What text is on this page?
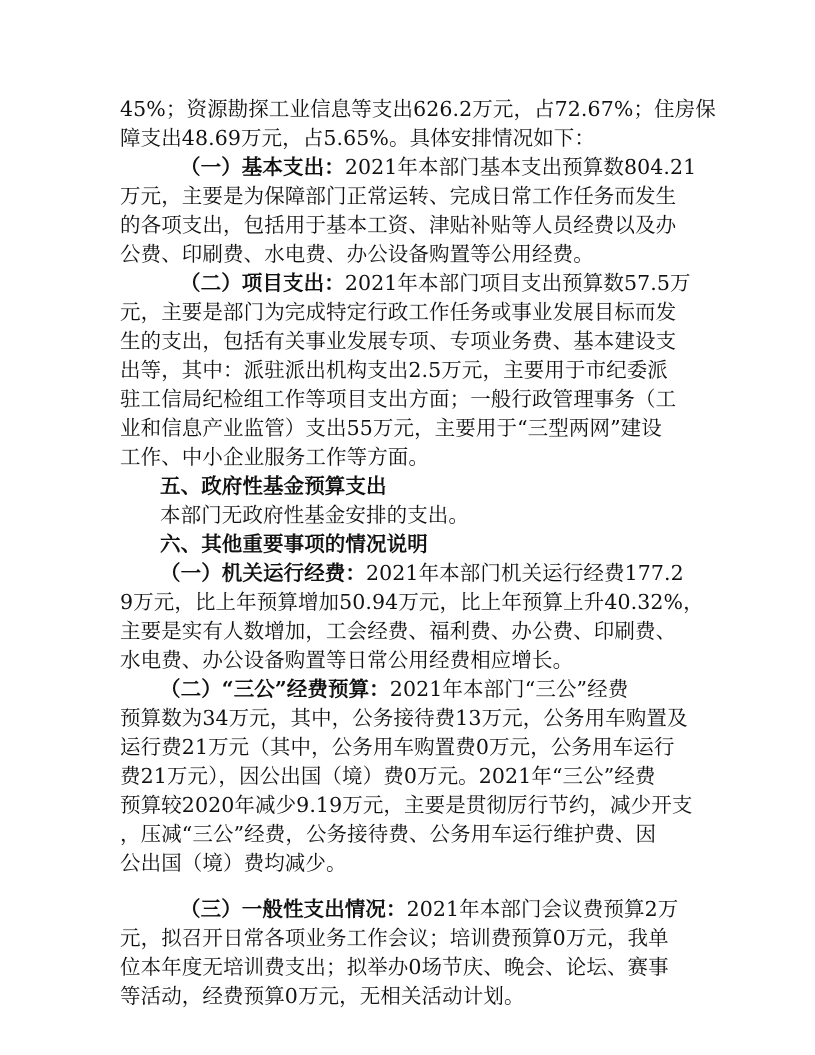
45%；资源勘探工业信息等支出626.2万元，占72.67%；住房保
障支出48.69万元，占5.65%。具体安排情况如下：
（一）基本支出：2021年本部门基本支出预算数804.21
万元，主要是为保障部门正常运转、完成日常工作任务而发生
的各项支出，包括用于基本工资、津贴补贴等人员经费以及办
公费、印刷费、水电费、办公设备购置等公用经费。
（二）项目支出：2021年本部门项目支出预算数57.5万
元，主要是部门为完成特定行政工作任务或事业发展目标而发
生的支出，包括有关事业发展专项、专项业务费、基本建设支
出等，其中：派驻派出机构支出2.5万元，主要用于市纪委派
驻工信局纪检组工作等项目支出方面；一般行政管理事务（工
业和信息产业监管）支出55万元，主要用于“三型两网”建设
工作、中小企业服务工作等方面。
五、政府性基金预算支出
本部门无政府性基金安排的支出。
六、其他重要事项的情况说明
（一）机关运行经费：2021年本部门机关运行经费177.2
9万元，比上年预算增加50.94万元，比上年预算上升40.32%，
主要是实有人数增加，工会经费、福利费、办公费、印刷费、
水电费、办公设备购置等日常公用经费相应增长。
（二）“三公”经费预算：2021年本部门“三公”经费
预算数为34万元，其中，公务接待费13万元，公务用车购置及
运行费21万元（其中，公务用车购置费0万元，公务用车运行
费21万元），因公出国（境）费0万元。2021年“三公”经费
预算较2020年减少9.19万元，主要是贯彻厉行节约，减少开支
，压减“三公”经费，公务接待费、公务用车运行维护费、因
公出国（境）费均减少。
（三）一般性支出情况：2021年本部门会议费预算2万
元，拟召开日常各项业务工作会议；培训费预算0万元，我单
位本年度无培训费支出；拟举办0场节庆、晚会、论坛、赛事
等活动，经费预算0万元，无相关活动计划。
